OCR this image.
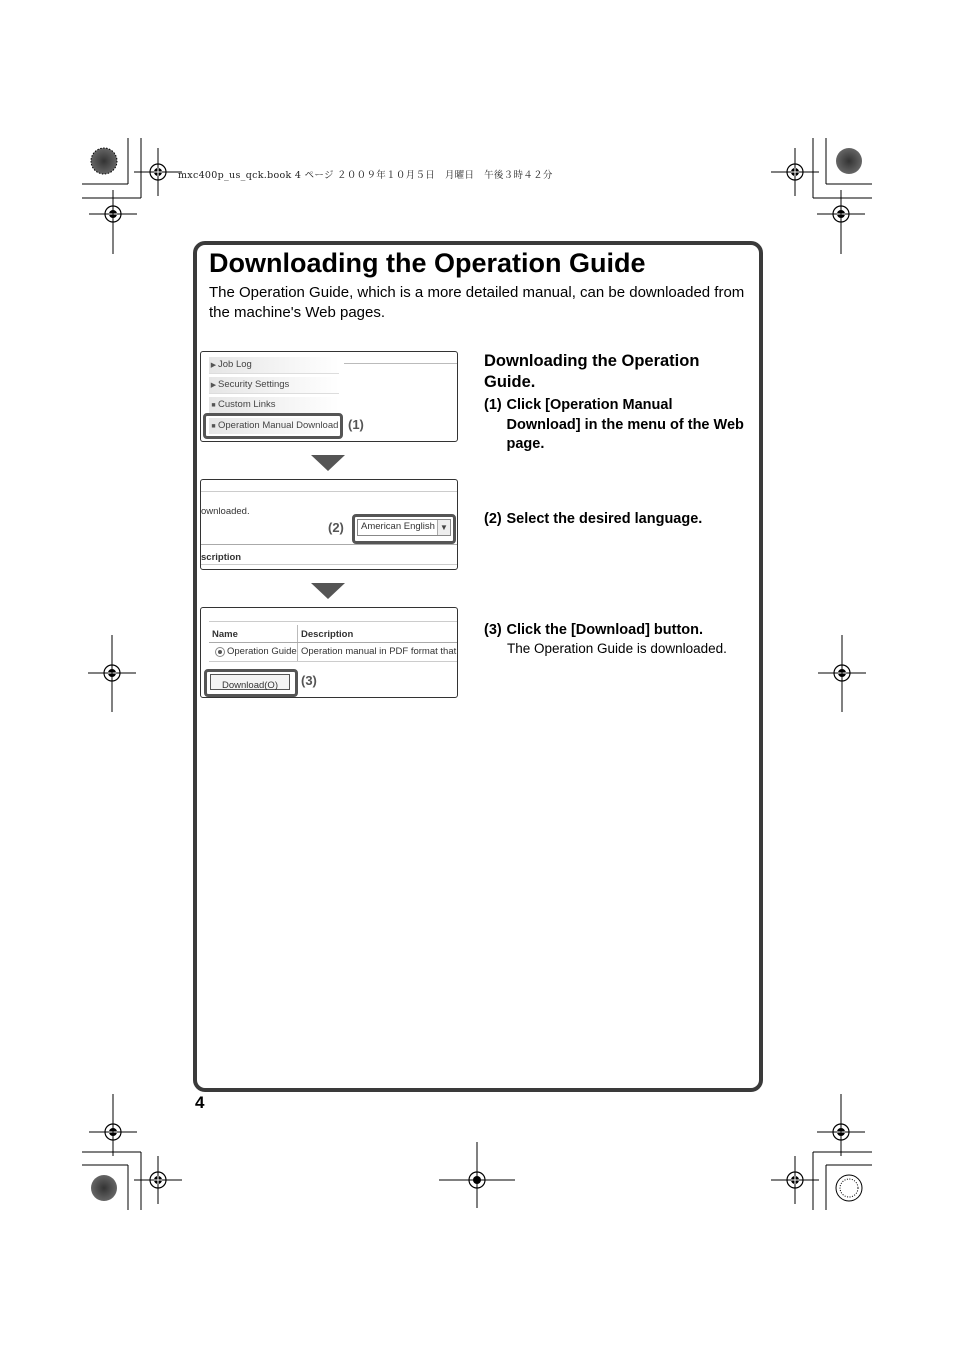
mxc400p_us_qck.book 4 ページ ２００９年１０月５日　月曜日　午後３時４２分
Downloading the Operation Guide
The Operation Guide, which is a more detailed manual, can be downloaded from the machine's Web pages.
▶ Job Log
▶ Security Settings
■ Custom Links
■ Operation Manual Download (1)
ownloaded.
(2) American English ▼
scription
Name	Description
Operation Guide Operation manual in PDF format that
Download(O)	(3)
Downloading the Operation Guide.
(1) Click [Operation Manual Download] in the menu of the Web page.
(2) Select the desired language.
(3) Click the [Download] button.
The Operation Guide is downloaded.
4
